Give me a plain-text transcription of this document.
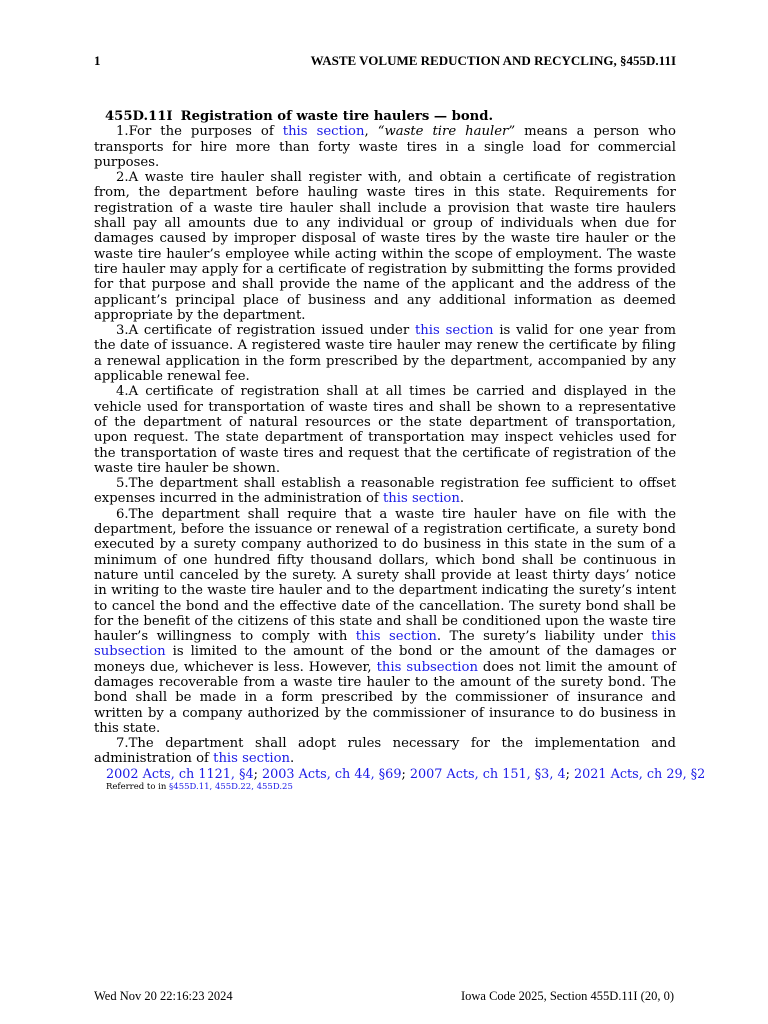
1	WASTE VOLUME REDUCTION AND RECYCLING, §455D.11I

455D.11I Registration of waste tire haulers — bond.

1.For the purposes of this section, “waste tire hauler” means a person who transports for hire more than forty waste tires in a single load for commercial purposes.

2.A waste tire hauler shall register with, and obtain a certificate of registration from, the department before hauling waste tires in this state. Requirements for registration of a waste tire hauler shall include a provision that waste tire haulers shall pay all amounts due to any individual or group of individuals when due for damages caused by improper disposal of waste tires by the waste tire hauler or the waste tire hauler’s employee while acting within the scope of employment. The waste tire hauler may apply for a certificate of registration by submitting the forms provided for that purpose and shall provide the name of the applicant and the address of the applicant’s principal place of business and any additional information as deemed appropriate by the department.

3.A certificate of registration issued under this section is valid for one year from the date of issuance. A registered waste tire hauler may renew the certificate by filing a renewal application in the form prescribed by the department, accompanied by any applicable renewal fee.

4.A certificate of registration shall at all times be carried and displayed in the vehicle used for transportation of waste tires and shall be shown to a representative of the department of natural resources or the state department of transportation, upon request. The state department of transportation may inspect vehicles used for the transportation of waste tires and request that the certificate of registration of the waste tire hauler be shown.

5.The department shall establish a reasonable registration fee sufficient to offset expenses incurred in the administration of this section.

6.The department shall require that a waste tire hauler have on file with the department, before the issuance or renewal of a registration certificate, a surety bond executed by a surety company authorized to do business in this state in the sum of a minimum of one hundred fifty thousand dollars, which bond shall be continuous in nature until canceled by the surety. A surety shall provide at least thirty days’ notice in writing to the waste tire hauler and to the department indicating the surety’s intent to cancel the bond and the effective date of the cancellation. The surety bond shall be for the benefit of the citizens of this state and shall be conditioned upon the waste tire hauler’s willingness to comply with this section. The surety’s liability under this subsection is limited to the amount of the bond or the amount of the damages or moneys due, whichever is less. However, this subsection does not limit the amount of damages recoverable from a waste tire hauler to the amount of the surety bond. The bond shall be made in a form prescribed by the commissioner of insurance and written by a company authorized by the commissioner of insurance to do business in this state.

7.The department shall adopt rules necessary for the implementation and administration of this section.

2002 Acts, ch 1121, §4; 2003 Acts, ch 44, §69; 2007 Acts, ch 151, §3, 4; 2021 Acts, ch 29, §2

Referred to in §455D.11, 455D.22, 455D.25

Wed Nov 20 22:16:23 2024	Iowa Code 2025, Section 455D.11I (20, 0)
